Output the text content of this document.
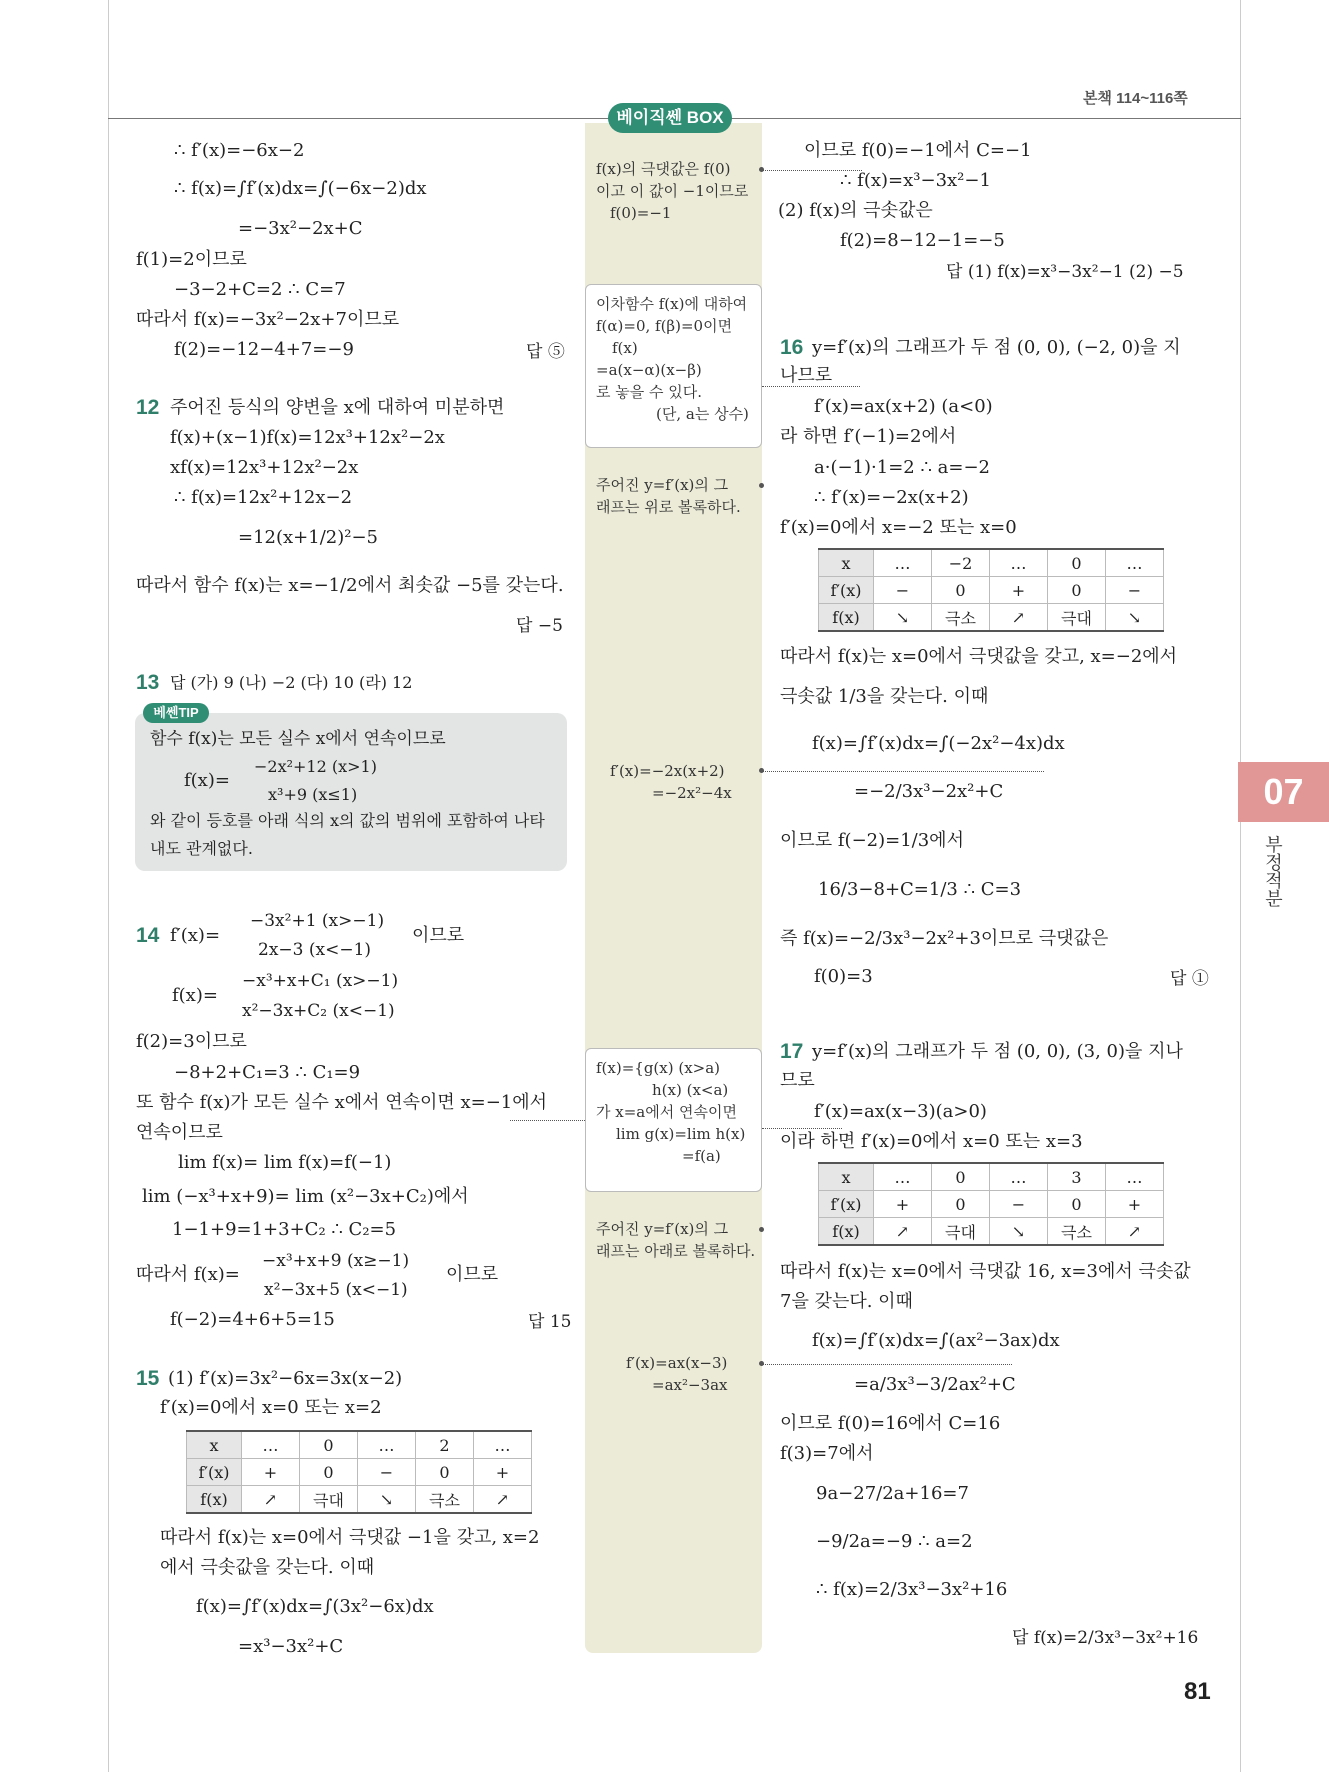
본책 114~116쪽
베이직쎈 BOX
f(x)의 극댓값은 f(0)
이고 이 값이 −1이므로
f(0)=−1
이차함수 f(x)에 대하여
f(α)=0, f(β)=0이면
f(x)
=a(x−α)(x−β)
로 놓을 수 있다.
(단, a는 상수)
주어진 y=f′(x)의 그
래프는 위로 볼록하다.
f′(x)=−2x(x+2)
=−2x²−4x
f(x)={g(x) (x>a)
h(x) (x<a)
가 x=a에서 연속이면
lim g(x)=lim h(x)
=f(a)
주어진 y=f′(x)의 그
래프는 아래로 볼록하다.
f′(x)=ax(x−3)
=ax²−3ax
∴ f′(x)=−6x−2
∴ f(x)=∫f′(x)dx=∫(−6x−2)dx
=−3x²−2x+C
f(1)=2이므로
−3−2+C=2 ∴ C=7
따라서 f(x)=−3x²−2x+7이므로
f(2)=−12−4+7=−9	답 ⑤
12 주어진 등식의 양변을 x에 대하여 미분하면
f(x)+(x−1)f(x)=12x³+12x²−2x
xf(x)=12x³+12x²−2x
∴ f(x)=12x²+12x−2
=12(x+1/2)²−5
따라서 함수 f(x)는 x=−1/2에서 최솟값 −5를 갖는다.
답 −5
13 답 (가) 9 (나) −2 (다) 10 (라) 12
베쎈TIP
함수 f(x)는 모든 실수 x에서 연속이므로
f(x)=
−2x²+12 (x>1)
x³+9 (x≤1)
와 같이 등호를 아래 식의 x의 값의 범위에 포함하여 나타
내도 관계없다.
14 f′(x)=
−3x²+1 (x>−1)
2x−3 (x<−1)
이므로
f(x)=
−x³+x+C₁ (x>−1)
x²−3x+C₂ (x<−1)
f(2)=3이므로
−8+2+C₁=3 ∴ C₁=9
또 함수 f(x)가 모든 실수 x에서 연속이면 x=−1에서
연속이므로
lim f(x)= lim f(x)=f(−1)
lim (−x³+x+9)= lim (x²−3x+C₂)에서
1−1+9=1+3+C₂ ∴ C₂=5
따라서 f(x)=
−x³+x+9 (x≥−1)
x²−3x+5 (x<−1)
이므로
f(−2)=4+6+5=15	답 15
15 (1) f′(x)=3x²−6x=3x(x−2)
f′(x)=0에서 x=0 또는 x=2
x	…	0	…	2	…
f′(x)	+	0	−	0	+
f(x)	↗	극대	↘	극소	↗
따라서 f(x)는 x=0에서 극댓값 −1을 갖고, x=2
에서 극솟값을 갖는다. 이때
f(x)=∫f′(x)dx=∫(3x²−6x)dx
=x³−3x²+C
이므로 f(0)=−1에서 C=−1
∴ f(x)=x³−3x²−1
(2) f(x)의 극솟값은
f(2)=8−12−1=−5
답 (1) f(x)=x³−3x²−1 (2) −5
16 y=f′(x)의 그래프가 두 점 (0, 0), (−2, 0)을 지
나므로
f′(x)=ax(x+2) (a<0)
라 하면 f′(−1)=2에서
a·(−1)·1=2 ∴ a=−2
∴ f′(x)=−2x(x+2)
f′(x)=0에서 x=−2 또는 x=0
x	…	−2	…	0	…
f′(x)	−	0	+	0	−
f(x)	↘	극소	↗	극대	↘
따라서 f(x)는 x=0에서 극댓값을 갖고, x=−2에서
극솟값 1/3을 갖는다. 이때
f(x)=∫f′(x)dx=∫(−2x²−4x)dx
=−2/3x³−2x²+C
이므로 f(−2)=1/3에서
16/3−8+C=1/3 ∴ C=3
즉 f(x)=−2/3x³−2x²+3이므로 극댓값은
f(0)=3	답 ①
17 y=f′(x)의 그래프가 두 점 (0, 0), (3, 0)을 지나
므로
f′(x)=ax(x−3)(a>0)
이라 하면 f′(x)=0에서 x=0 또는 x=3
x	…	0	…	3	…
f′(x)	+	0	−	0	+
f(x)	↗	극대	↘	극소	↗
따라서 f(x)는 x=0에서 극댓값 16, x=3에서 극솟값
7을 갖는다. 이때
f(x)=∫f′(x)dx=∫(ax²−3ax)dx
=a/3x³−3/2ax²+C
이므로 f(0)=16에서 C=16
f(3)=7에서
9a−27/2a+16=7
−9/2a=−9 ∴ a=2
∴ f(x)=2/3x³−3x²+16
답 f(x)=2/3x³−3x²+16
07
부정적분
81
